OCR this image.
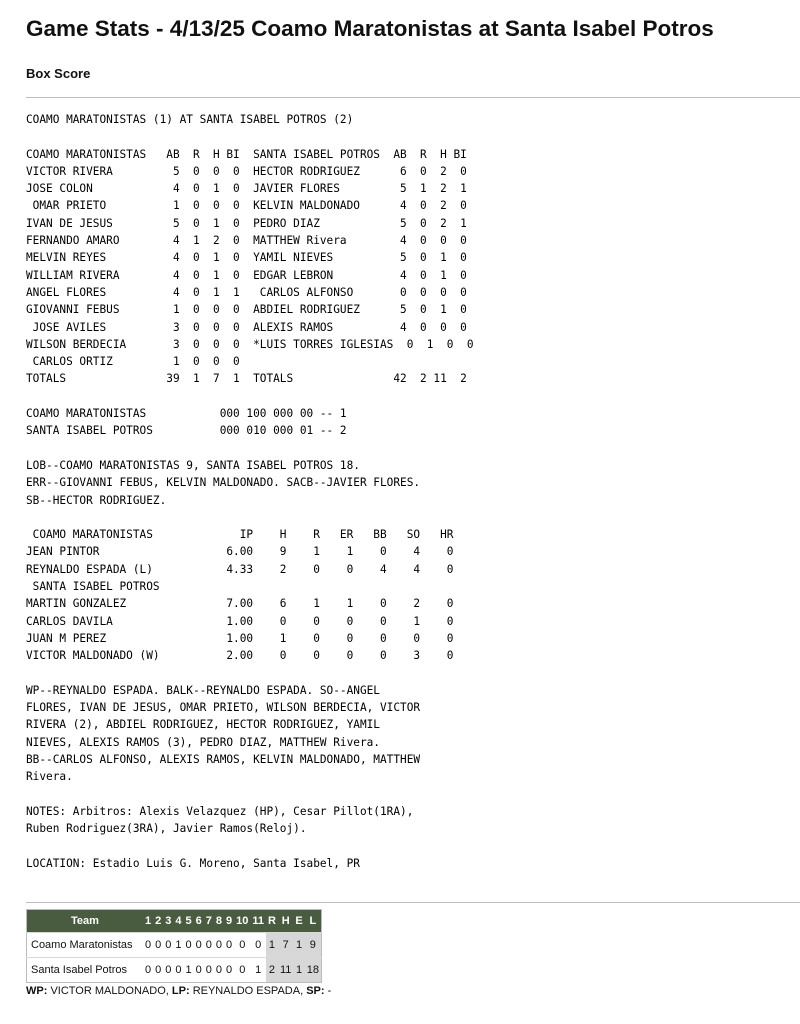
Game Stats - 4/13/25 Coamo Maratonistas at Santa Isabel Potros
Box Score
COAMO MARATONISTAS (1) AT SANTA ISABEL POTROS (2)
COAMO MARATONISTAS   AB  R  H BI  SANTA ISABEL POTROS  AB  R  H BI
VICTOR RIVERA         5  0  0  0  HECTOR RODRIGUEZ      6  0  2  0
JOSE COLON            4  0  1  0  JAVIER FLORES         5  1  2  1
OMAR PRIETO          1  0  0  0  KELVIN MALDONADO      4  0  2  0
IVAN DE JESUS         5  0  1  0  PEDRO DIAZ            5  0  2  1
FERNANDO AMARO        4  1  2  0  MATTHEW Rivera        4  0  0  0
MELVIN REYES          4  0  1  0  YAMIL NIEVES          5  0  1  0
WILLIAM RIVERA        4  0  1  0  EDGAR LEBRON          4  0  1  0
ANGEL FLORES          4  0  1  1   CARLOS ALFONSO       0  0  0  0
GIOVANNI FEBUS        1  0  0  0  ABDIEL RODRIGUEZ      5  0  1  0
JOSE AVILES          3  0  0  0  ALEXIS RAMOS          4  0  0  0
WILSON BERDECIA       3  0  0  0  *LUIS TORRES IGLESIAS  0  1  0  0
CARLOS ORTIZ         1  0  0  0
TOTALS               39  1  7  1  TOTALS               42  2 11  2
COAMO MARATONISTAS           000 100 000 00 -- 1
SANTA ISABEL POTROS          000 010 000 01 -- 2
LOB--COAMO MARATONISTAS 9, SANTA ISABEL POTROS 18.
ERR--GIOVANNI FEBUS, KELVIN MALDONADO. SACB--JAVIER FLORES.
SB--HECTOR RODRIGUEZ.
COAMO MARATONISTAS             IP    H    R   ER   BB   SO   HR
JEAN PINTOR                   6.00    9    1    1    0    4    0
REYNALDO ESPADA (L)           4.33    2    0    0    4    4    0
SANTA ISABEL POTROS
MARTIN GONZALEZ               7.00    6    1    1    0    2    0
CARLOS DAVILA                 1.00    0    0    0    0    1    0
JUAN M PEREZ                  1.00    1    0    0    0    0    0
VICTOR MALDONADO (W)          2.00    0    0    0    0    3    0
WP--REYNALDO ESPADA. BALK--REYNALDO ESPADA. SO--ANGEL
FLORES, IVAN DE JESUS, OMAR PRIETO, WILSON BERDECIA, VICTOR
RIVERA (2), ABDIEL RODRIGUEZ, HECTOR RODRIGUEZ, YAMIL
NIEVES, ALEXIS RAMOS (3), PEDRO DIAZ, MATTHEW Rivera.
BB--CARLOS ALFONSO, ALEXIS RAMOS, KELVIN MALDONADO, MATTHEW
Rivera.
NOTES: Arbitros: Alexis Velazquez (HP), Cesar Pillot(1RA),
Ruben Rodriguez(3RA), Javier Ramos(Reloj).
LOCATION: Estadio Luis G. Moreno, Santa Isabel, PR
Team	1	2	3	4	5	6	7	8	9	10	11	R	H	E	L
Coamo Maratonistas	0	0	0	1	0	0	0	0	0	0	0	1	7	1	9
Santa Isabel Potros	0	0	0	0	1	0	0	0	0	0	1	2	11	1	18
WP: VICTOR MALDONADO, LP: REYNALDO ESPADA, SP: -
